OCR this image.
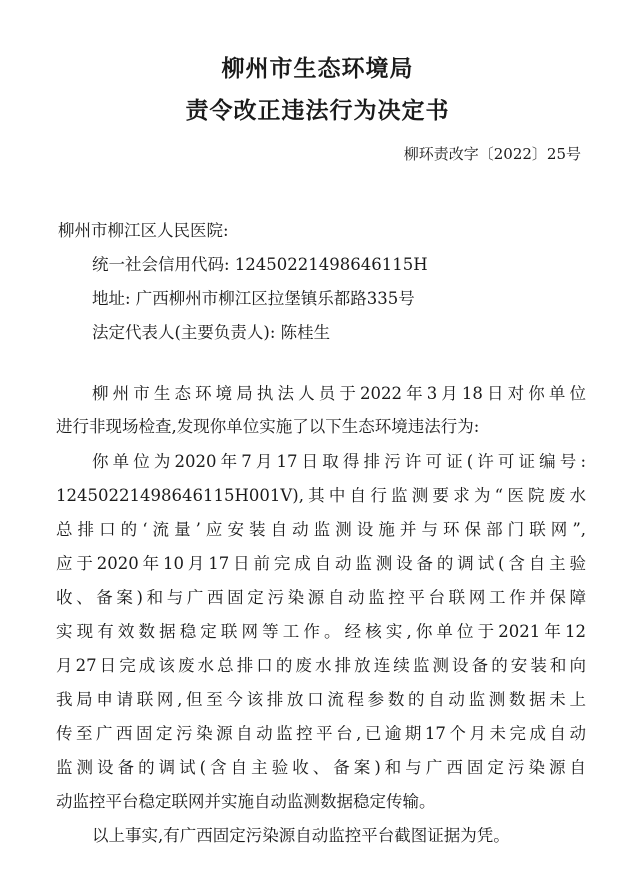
柳州市生态环境局
责令改正违法行为决定书

柳环责改字〔2022〕25号

柳州市柳江区人民医院:

统一社会信用代码: 12450221498646115H

地址: 广西柳州市柳江区拉堡镇乐都路335号

法定代表人(主要负责人): 陈桂生

柳州市生态环境局执法人员于2022年3月18日对你单位

进行非现场检查,发现你单位实施了以下生态环境违法行为:

你单位为2020年7月17日取得排污许可证(许可证编号:

12450221498646115H001V),其中自行监测要求为“医院废水

总排口的‘流量’应安装自动监测设施并与环保部门联网”,

应于2020年10月17日前完成自动监测设备的调试(含自主验

收、备案)和与广西固定污染源自动监控平台联网工作并保障

实现有效数据稳定联网等工作。经核实,你单位于2021年12

月27日完成该废水总排口的废水排放连续监测设备的安装和向

我局申请联网,但至今该排放口流程参数的自动监测数据未上

传至广西固定污染源自动监控平台,已逾期17个月未完成自动

监测设备的调试(含自主验收、备案)和与广西固定污染源自

动监控平台稳定联网并实施自动监测数据稳定传输。

以上事实,有广西固定污染源自动监控平台截图证据为凭。
